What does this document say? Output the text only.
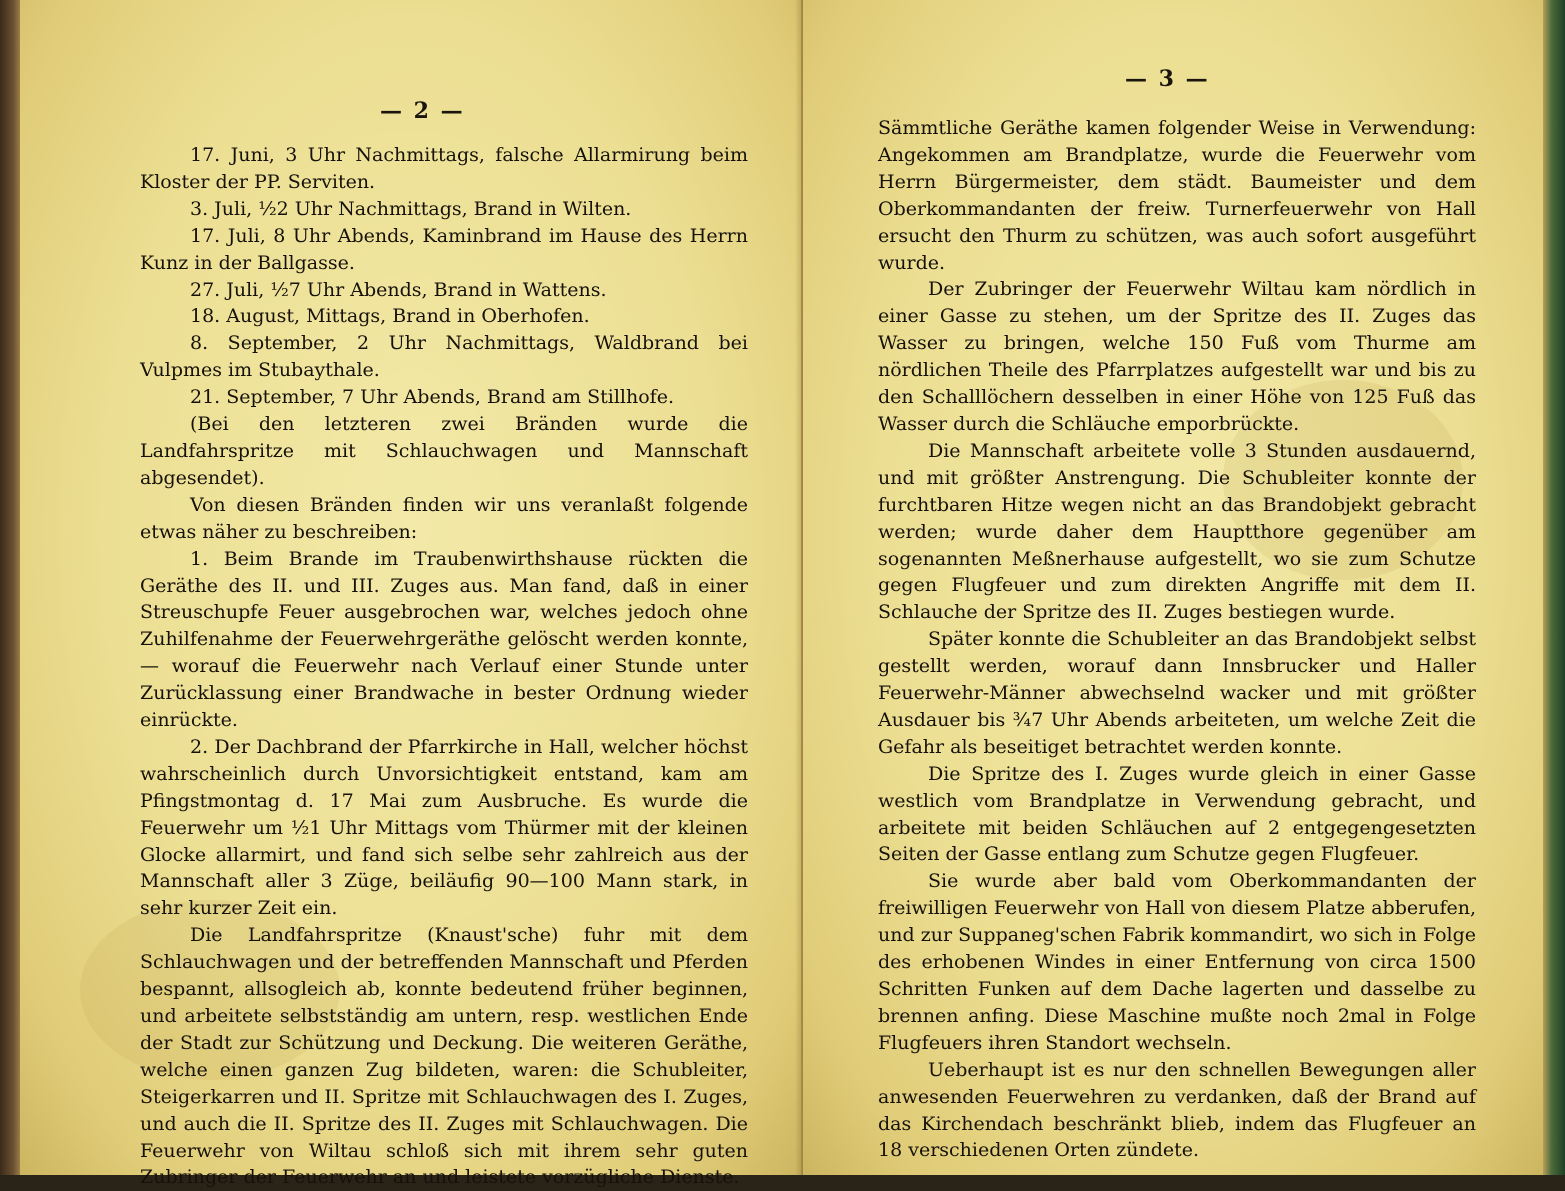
— 2 —

17. Juni, 3 Uhr Nachmittags, falsche Allarmirung beim Kloster der PP. Serviten.

3. Juli, ½2 Uhr Nachmittags, Brand in Wilten.

17. Juli, 8 Uhr Abends, Kaminbrand im Hause des Herrn Kunz in der Ballgasse.

27. Juli, ½7 Uhr Abends, Brand in Wattens.

18. August, Mittags, Brand in Oberhofen.

8. September, 2 Uhr Nachmittags, Waldbrand bei Vulpmes im Stubaythale.

21. September, 7 Uhr Abends, Brand am Stillhofe.

(Bei den letzteren zwei Bränden wurde die Landfahrspritze mit Schlauchwagen und Mannschaft abgesendet).

Von diesen Bränden finden wir uns veranlaßt folgende etwas näher zu beschreiben:

1. Beim Brande im Traubenwirthshause rückten die Geräthe des II. und III. Zuges aus. Man fand, daß in einer Streuschupfe Feuer ausgebrochen war, welches jedoch ohne Zuhilfenahme der Feuerwehrgeräthe gelöscht werden konnte, — worauf die Feuerwehr nach Verlauf einer Stunde unter Zurücklassung einer Brandwache in bester Ordnung wieder einrückte.

2. Der Dachbrand der Pfarrkirche in Hall, welcher höchst wahrscheinlich durch Unvorsichtigkeit entstand, kam am Pfingstmontag d. 17 Mai zum Ausbruche. Es wurde die Feuerwehr um ½1 Uhr Mittags vom Thürmer mit der kleinen Glocke allarmirt, und fand sich selbe sehr zahlreich aus der Mannschaft aller 3 Züge, beiläufig 90—100 Mann stark, in sehr kurzer Zeit ein.

Die Landfahrspritze (Knaust'sche) fuhr mit dem Schlauchwagen und der betreffenden Mannschaft und Pferden bespannt, allsogleich ab, konnte bedeutend früher beginnen, und arbeitete selbstständig am untern, resp. westlichen Ende der Stadt zur Schützung und Deckung. Die weiteren Geräthe, welche einen ganzen Zug bildeten, waren: die Schubleiter, Steigerkarren und II. Spritze mit Schlauchwagen des I. Zuges, und auch die II. Spritze des II. Zuges mit Schlauchwagen. Die Feuerwehr von Wiltau schloß sich mit ihrem sehr guten Zubringer der Feuerwehr an und leistete vorzügliche Dienste.

— 3 —

Sämmtliche Geräthe kamen folgender Weise in Verwendung: Angekommen am Brandplatze, wurde die Feuerwehr vom Herrn Bürgermeister, dem städt. Baumeister und dem Oberkommandanten der freiw. Turnerfeuerwehr von Hall ersucht den Thurm zu schützen, was auch sofort ausgeführt wurde.

Der Zubringer der Feuerwehr Wiltau kam nördlich in einer Gasse zu stehen, um der Spritze des II. Zuges das Wasser zu bringen, welche 150 Fuß vom Thurme am nördlichen Theile des Pfarrplatzes aufgestellt war und bis zu den Schalllöchern desselben in einer Höhe von 125 Fuß das Wasser durch die Schläuche emporbrückte.

Die Mannschaft arbeitete volle 3 Stunden ausdauernd, und mit größter Anstrengung. Die Schubleiter konnte der furchtbaren Hitze wegen nicht an das Brandobjekt gebracht werden; wurde daher dem Hauptthore gegenüber am sogenannten Meßnerhause aufgestellt, wo sie zum Schutze gegen Flugfeuer und zum direkten Angriffe mit dem II. Schlauche der Spritze des II. Zuges bestiegen wurde.

Später konnte die Schubleiter an das Brandobjekt selbst gestellt werden, worauf dann Innsbrucker und Haller Feuerwehr-Männer abwechselnd wacker und mit größter Ausdauer bis ¾7 Uhr Abends arbeiteten, um welche Zeit die Gefahr als beseitiget betrachtet werden konnte.

Die Spritze des I. Zuges wurde gleich in einer Gasse westlich vom Brandplatze in Verwendung gebracht, und arbeitete mit beiden Schläuchen auf 2 entgegengesetzten Seiten der Gasse entlang zum Schutze gegen Flugfeuer.

Sie wurde aber bald vom Oberkommandanten der freiwilligen Feuerwehr von Hall von diesem Platze abberufen, und zur Suppaneg'schen Fabrik kommandirt, wo sich in Folge des erhobenen Windes in einer Entfernung von circa 1500 Schritten Funken auf dem Dache lagerten und dasselbe zu brennen anfing. Diese Maschine mußte noch 2mal in Folge Flugfeuers ihren Standort wechseln.

Ueberhaupt ist es nur den schnellen Bewegungen aller anwesenden Feuerwehren zu verdanken, daß der Brand auf das Kirchendach beschränkt blieb, indem das Flugfeuer an 18 verschiedenen Orten zündete.
